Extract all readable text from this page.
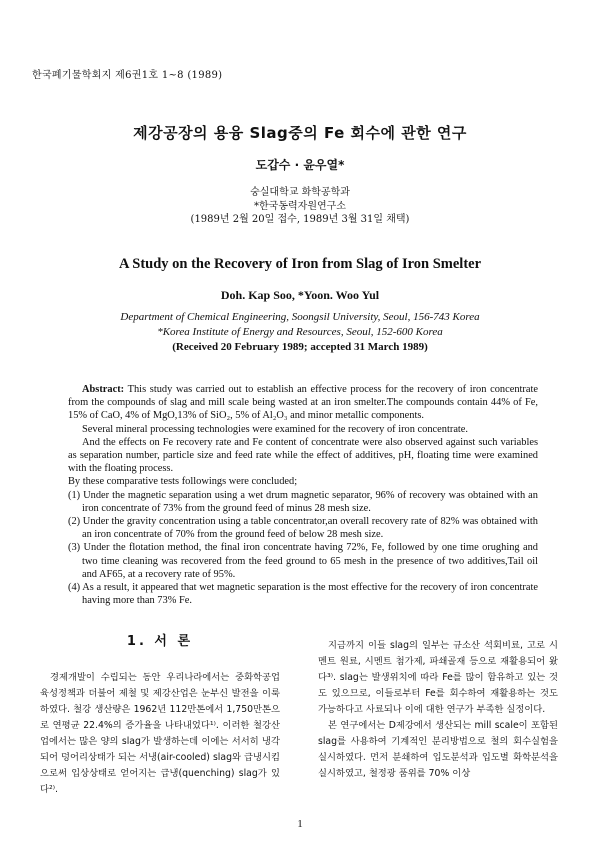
한국폐기물학회지 제6권1호 1~8 (1989)
제강공장의 용융 Slag중의 Fe 회수에 관한 연구
도갑수 · 윤우열*
숭실대학교 화학공학과
*한국동력자원연구소
(1989년 2월 20일 접수, 1989년 3월 31일 채택)
A Study on the Recovery of Iron from Slag of Iron Smelter
Doh. Kap Soo, *Yoon. Woo Yul
Department of Chemical Engineering, Soongsil University, Seoul, 156-743 Korea
*Korea Institute of Energy and Resources, Seoul, 152-600 Korea
(Received 20 February 1989; accepted 31 March 1989)

Abstract: This study was carried out to establish an effective process for the recovery of iron concentrate from the compounds of slag and mill scale being wasted at an iron smelter.The compounds contain 44% of Fe, 15% of CaO, 4% of MgO,13% of SiO₂, 5% of Al₂O₃ and minor metallic components.

Several mineral processing technologies were examined for the recovery of iron concentrate.

And the effects on Fe recovery rate and Fe content of concentrate were also observed against such variables as separation number, particle size and feed rate while the effect of additives, pH, floating time were examined with the floating process.

By these comparative tests followings were concluded;

(1) Under the magnetic separation using a wet drum magnetic separator, 96% of recovery was obtained with an iron concentrate of 73% from the ground feed of minus 28 mesh size.

(2) Under the gravity concentration using a table concentrator,an overall recovery rate of 82% was obtained with an iron concentrate of 70% from the ground feed of below 28 mesh size.

(3) Under the flotation method, the final iron concentrate having 72%, Fe, followed by one time orughing and two time cleaning was recovered from the feed ground to 65 mesh in the presence of two additives,Tail oil and AF65, at a recovery rate of 95%.

(4) As a result, it appeared that wet magnetic separation is the most effective for the recovery of iron concentrate having more than 73% Fe.

1. 서 론

경제개발이 수립되는 동안 우리나라에서는 중화학공업 육성정책과 더불어 제철 및 제강산업은 눈부신 발전을 이룩하였다. 철강 생산량은 1962년 112만톤에서 1,750만톤으로 연평균 22.4%의 증가율을 나타내었다¹⁾. 이러한 철강산업에서는 많은 양의 slag가 발생하는데 이에는 서서히 냉각되어 덩어리상태가 되는 서냉(air-cooled) slag와 급냉시킴으로써 입상상태로 얻어지는 급냉(quenching) slag가 있다²⁾.

지금까지 이들 slag의 일부는 규소산 석회비료, 고로 시멘트 원료, 시멘트 첨가제, 파쇄골재 등으로 재활용되어 왔다³⁾. slag는 발생위치에 따라 Fe를 많이 함유하고 있는 것도 있으므로, 이들로부터 Fe를 회수하여 재활용하는 것도 가능하다고 사료되나 이에 대한 연구가 부족한 실정이다.

본 연구에서는 D제강에서 생산되는 mill scale이 포함된 slag를 사용하여 기계적인 분리방법으로 철의 회수실험을 실시하였다. 먼저 분쇄하여 입도분석과 입도별 화학분석을 실시하였고, 철정광 품위를 70% 이상

1
